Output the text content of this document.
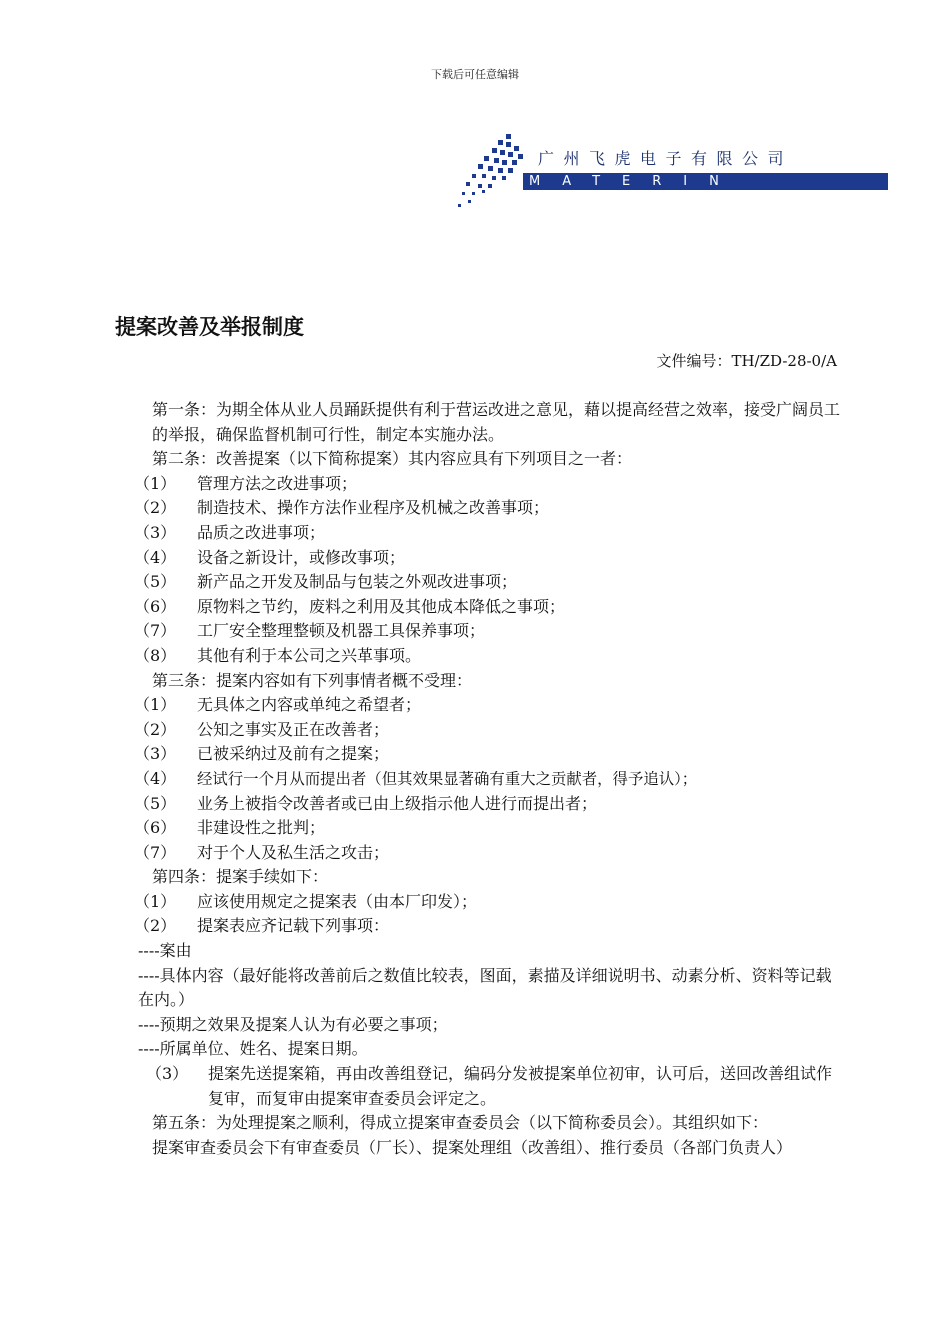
下载后可任意编辑
广州飞虎电子有限公司
MATERIN
提案改善及举报制度
文件编号：TH/ZD-28-0/A
第一条：为期全体从业人员踊跃提供有利于营运改进之意见，藉以提高经营之效率，接受广阔员工的举报，确保监督机制可行性，制定本实施办法。
第二条：改善提案（以下简称提案）其内容应具有下列项目之一者：
（1） 管理方法之改进事项；
（2） 制造技术、操作方法作业程序及机械之改善事项；
（3） 品质之改进事项；
（4） 设备之新设计，或修改事项；
（5） 新产品之开发及制品与包装之外观改进事项；
（6） 原物料之节约，废料之利用及其他成本降低之事项；
（7） 工厂安全整理整顿及机器工具保养事项；
（8） 其他有利于本公司之兴革事项。
第三条：提案内容如有下列事情者概不受理：
（1） 无具体之内容或单纯之希望者；
（2） 公知之事实及正在改善者；
（3） 已被采纳过及前有之提案；
（4） 经试行一个月从而提出者（但其效果显著确有重大之贡献者，得予追认）；
（5） 业务上被指令改善者或已由上级指示他人进行而提出者；
（6） 非建设性之批判；
（7） 对于个人及私生活之攻击；
第四条：提案手续如下：
（1） 应该使用规定之提案表（由本厂印发）；
（2） 提案表应齐记载下列事项：
----案由
----具体内容（最好能将改善前后之数值比较表，图面，素描及详细说明书、动素分析、资料等记载在内。）
----预期之效果及提案人认为有必要之事项；
----所属单位、姓名、提案日期。
（3）	提案先送提案箱，再由改善组登记，编码分发被提案单位初审，认可后，送回改善组试作复审，而复审由提案审查委员会评定之。
第五条：为处理提案之顺利，得成立提案审查委员会（以下简称委员会）。其组织如下：
提案审查委员会下有审查委员（厂长）、提案处理组（改善组）、推行委员（各部门负责人）
